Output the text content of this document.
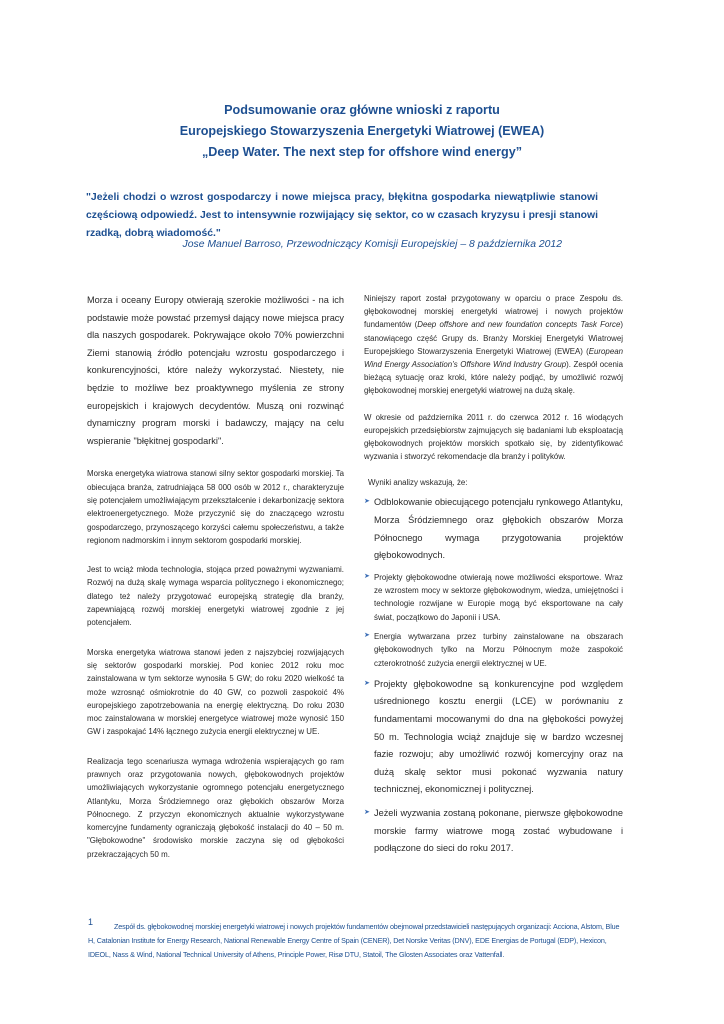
Podsumowanie oraz główne wnioski z raportu
Europejskiego Stowarzyszenia Energetyki Wiatrowej (EWEA)
„Deep Water. The next step for offshore wind energy”
"Jeżeli chodzi o wzrost gospodarczy i nowe miejsca pracy, błękitna gospodarka niewątpliwie stanowi częściową odpowiedź. Jest to intensywnie rozwijający się sektor, co w czasach kryzysu i presji stanowi rzadką, dobrą wiadomość."
Jose Manuel Barroso, Przewodniczący Komisji Europejskiej – 8 października 2012

Morza i oceany Europy otwierają szerokie możliwości - na ich podstawie może powstać przemysł dający nowe miejsca pracy dla naszych gospodarek. Pokrywające około 70% powierzchni Ziemi stanowią źródło potencjału wzrostu gospodarczego i konkurencyjności, które należy wykorzystać. Niestety, nie będzie to możliwe bez proaktywnego myślenia ze strony europejskich i krajowych decydentów. Muszą oni rozwinąć dynamiczny program morski i badawczy, mający na celu wspieranie "błękitnej gospodarki".

Morska energetyka wiatrowa stanowi silny sektor gospodarki morskiej. Ta obiecująca branża, zatrudniająca 58 000 osób w 2012 r., charakteryzuje się potencjałem umożliwiającym przekształcenie i dekarbonizację sektora elektroenergetycznego. Może przyczynić się do znaczącego wzrostu gospodarczego, przynoszącego korzyści całemu społeczeństwu, a także regionom nadmorskim i innym sektorom gospodarki morskiej.

Jest to wciąż młoda technologia, stojąca przed poważnymi wyzwaniami. Rozwój na dużą skalę wymaga wsparcia politycznego i ekonomicznego; dlatego też należy przygotować europejską strategię dla branży, zapewniającą rozwój morskiej energetyki wiatrowej zgodnie z jej potencjałem.

Morska energetyka wiatrowa stanowi jeden z najszybciej rozwijających się sektorów gospodarki morskiej. Pod koniec 2012 roku moc zainstalowana w tym sektorze wynosiła 5 GW; do roku 2020 wielkość ta może wzrosnąć ośmiokrotnie do 40 GW, co pozwoli zaspokoić 4% europejskiego zapotrzebowania na energię elektryczną. Do roku 2030 moc zainstalowana w morskiej energetyce wiatrowej może wynosić 150 GW i zaspokajać 14% łącznego zużycia energii elektrycznej w UE.

Realizacja tego scenariusza wymaga wdrożenia wspierających go ram prawnych oraz przygotowania nowych, głębokowodnych projektów umożliwiających wykorzystanie ogromnego potencjału energetycznego Atlantyku, Morza Śródziemnego oraz głębokich obszarów Morza Północnego. Z przyczyn ekonomicznych aktualnie wykorzystywane komercyjne fundamenty ograniczają głębokość instalacji do 40 – 50 m. "Głębokowodne" środowisko morskie zaczyna się od głębokości przekraczających 50 m.

Niniejszy raport został przygotowany w oparciu o prace Zespołu ds. głębokowodnej morskiej energetyki wiatrowej i nowych projektów fundamentów (Deep offshore and new foundation concepts Task Force) stanowiącego część Grupy ds. Branży Morskiej Energetyki Wiatrowej Europejskiego Stowarzyszenia Energetyki Wiatrowej (EWEA) (European Wind Energy Association’s Offshore Wind Industry Group). Zespół ocenia bieżącą sytuację oraz kroki, które należy podjąć, by umożliwić rozwój głębokowodnej morskiej energetyki wiatrowej na dużą skalę.

W okresie od października 2011 r. do czerwca 2012 r. 16 wiodących europejskich przedsiębiorstw zajmujących się badaniami lub eksploatacją głębokowodnych projektów morskich spotkało się, by zidentyfikować wyzwania i stworzyć rekomendacje dla branży i polityków.

Wyniki analizy wskazują, że:

➤ Odblokowanie obiecującego potencjału rynkowego Atlantyku, Morza Śródziemnego oraz głębokich obszarów Morza Północnego wymaga przygotowania projektów głębokowodnych.
➤ Projekty głębokowodne otwierają nowe możliwości eksportowe. Wraz ze wzrostem mocy w sektorze głębokowodnym, wiedza, umiejętności i technologie rozwijane w Europie mogą być eksportowane na cały świat, początkowo do Japonii i USA.
➤ Energia wytwarzana przez turbiny zainstalowane na obszarach głębokowodnych tylko na Morzu Północnym może zaspokoić czterokrotność zużycia energii elektrycznej w UE.
➤ Projekty głębokowodne są konkurencyjne pod względem uśrednionego kosztu energii (LCE) w porównaniu z fundamentami mocowanymi do dna na głębokości powyżej 50 m. Technologia wciąż znajduje się w bardzo wczesnej fazie rozwoju; aby umożliwić rozwój komercyjny oraz na dużą skalę sektor musi pokonać wyzwania natury technicznej, ekonomicznej i politycznej.
➤ Jeżeli wyzwania zostaną pokonane, pierwsze głębokowodne morskie farmy wiatrowe mogą zostać wybudowane i podłączone do sieci do roku 2017.
1	Zespół ds. głębokowodnej morskiej energetyki wiatrowej i nowych projektów fundamentów obejmował przedstawicieli następujących organizacji: Acciona, Alstom, Blue H, Catalonian Institute for Energy Research, National Renewable Energy Centre of Spain (CENER), Det Norske Veritas (DNV), EDE Energias de Portugal (EDP), Hexicon, IDEOL, Nass & Wind, National Technical University of Athens, Principle Power, Risø DTU, Statoil, The Glosten Associates oraz Vattenfall.
